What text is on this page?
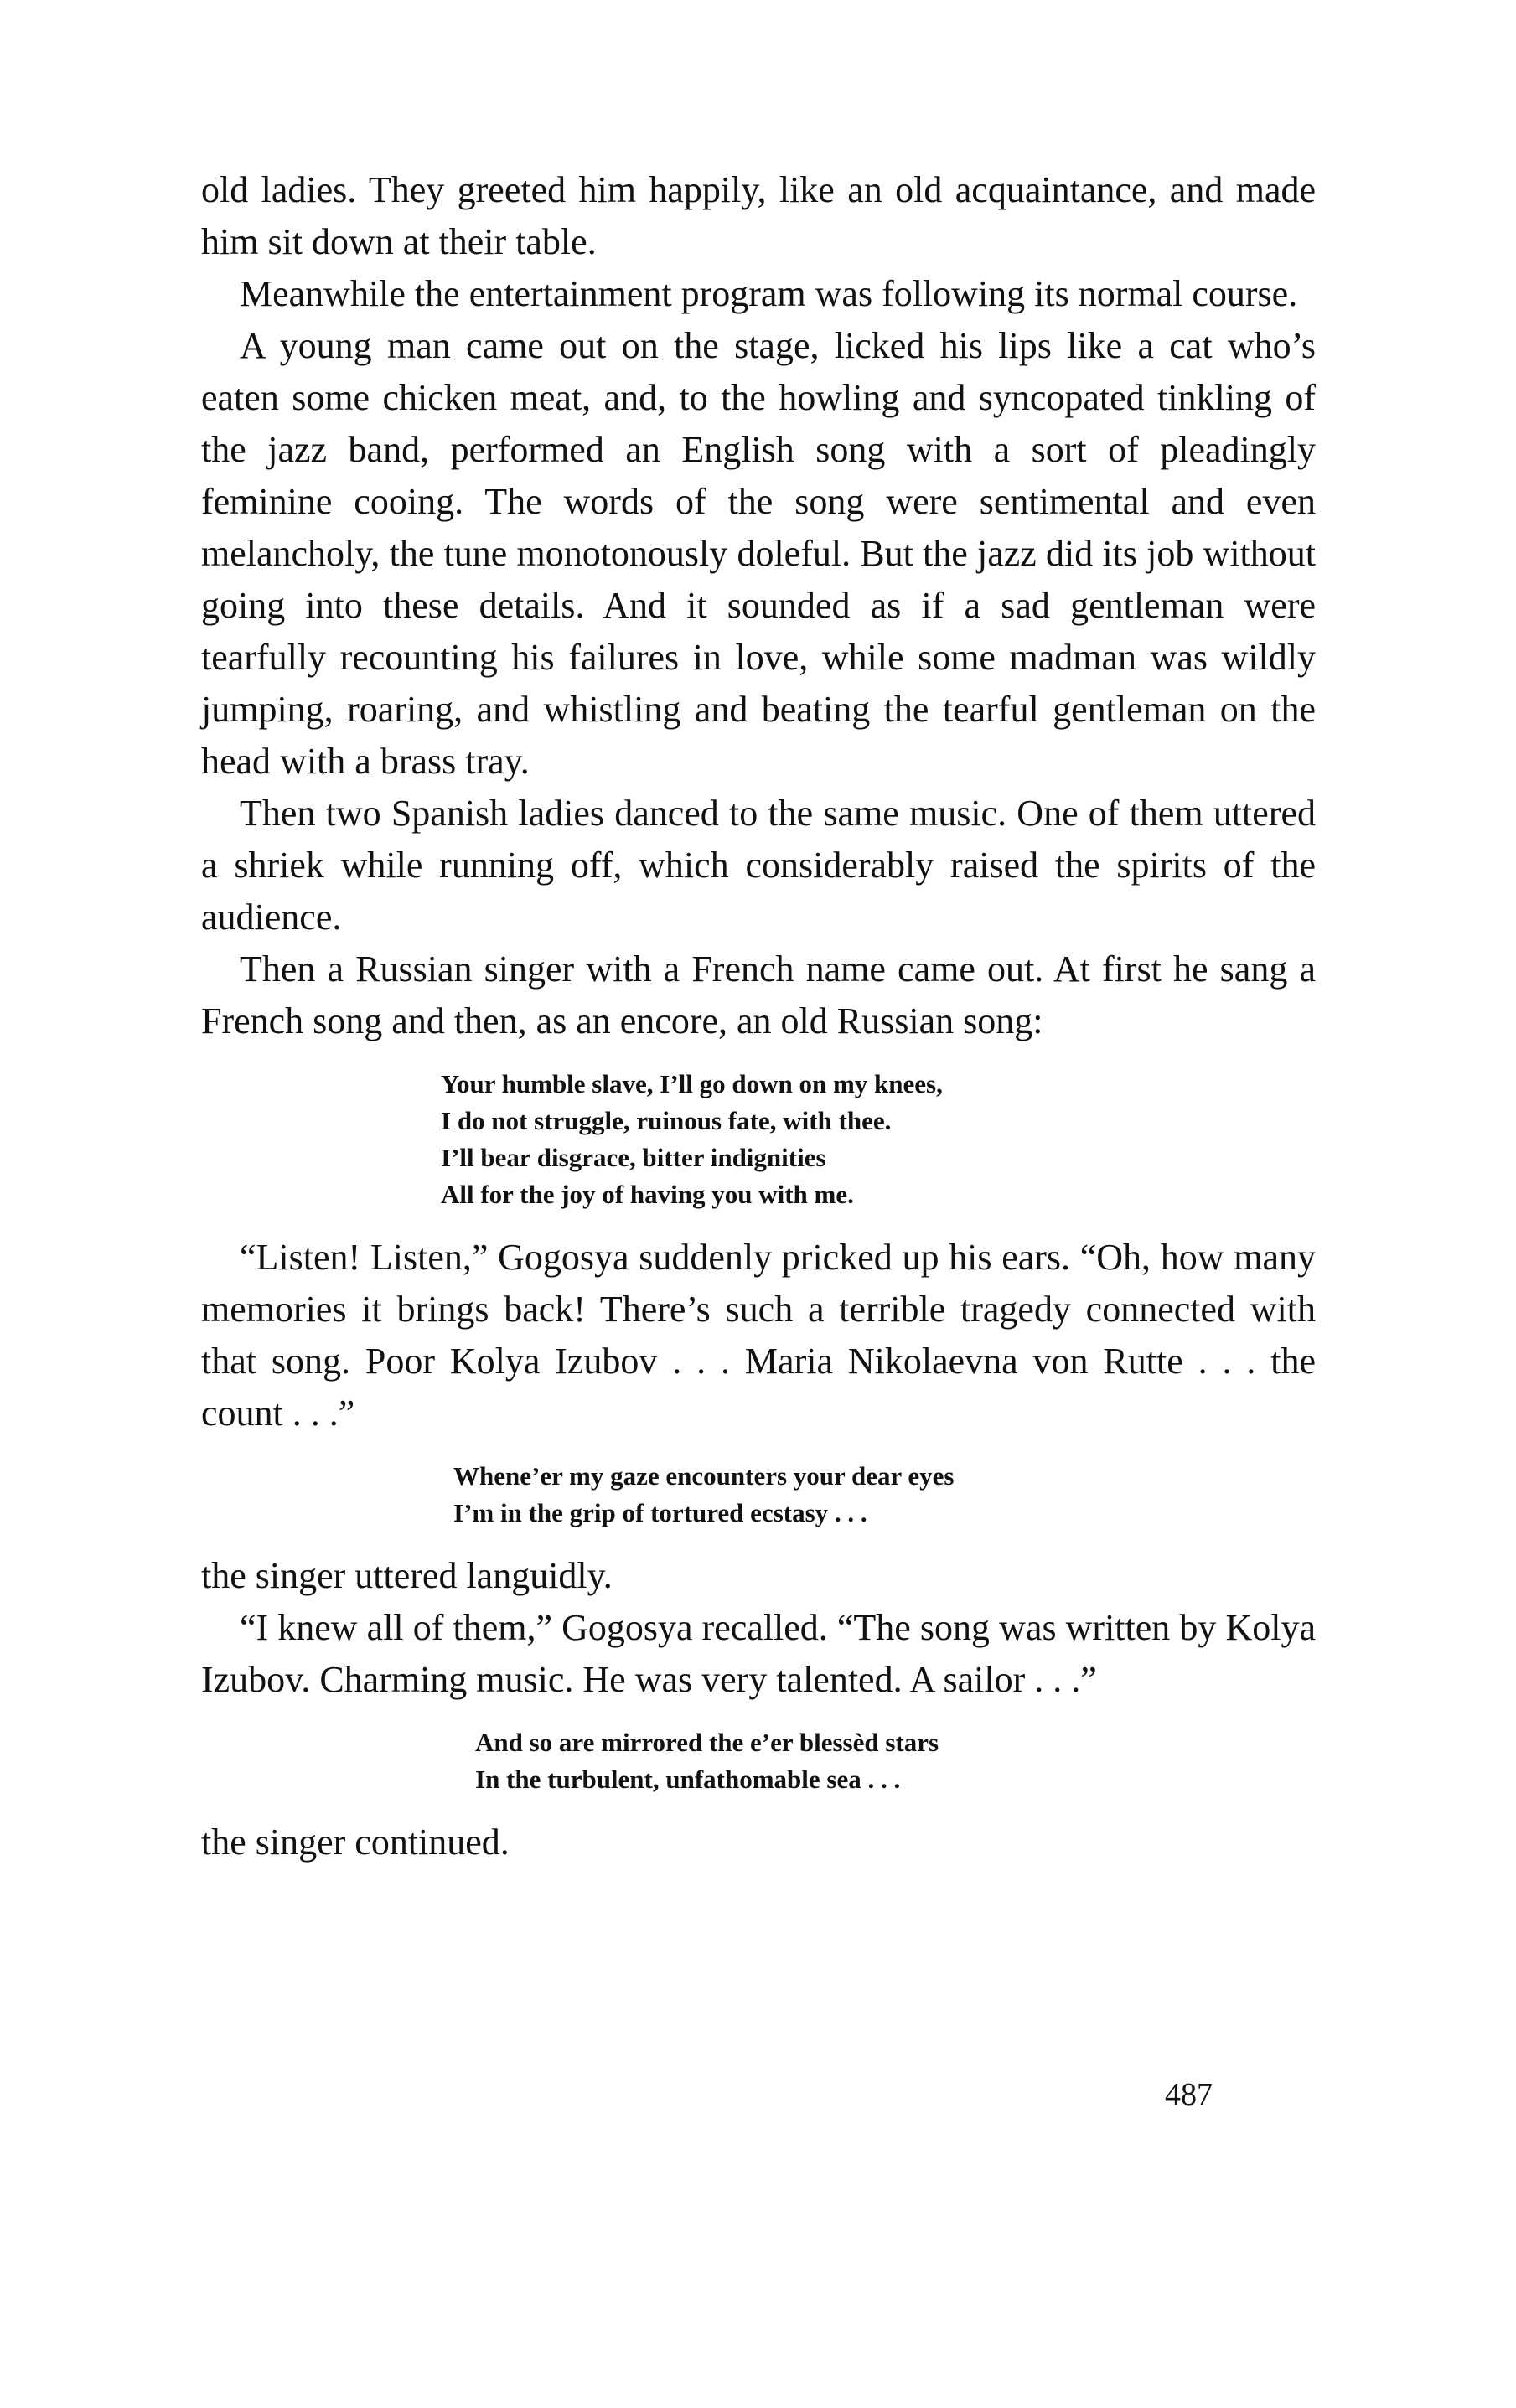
old ladies. They greeted him happily, like an old acquaintance, and made him sit down at their table.

Meanwhile the entertainment program was following its normal course.

A young man came out on the stage, licked his lips like a cat who’s eaten some chicken meat, and, to the howling and syncopated tinkling of the jazz band, performed an English song with a sort of pleadingly feminine cooing. The words of the song were sentimental and even melancholy, the tune monotonously doleful. But the jazz did its job without going into these details. And it sounded as if a sad gentleman were tearfully recounting his failures in love, while some madman was wildly jumping, roaring, and whistling and beating the tearful gentleman on the head with a brass tray.

Then two Spanish ladies danced to the same music. One of them uttered a shriek while running off, which considerably raised the spirits of the audience.

Then a Russian singer with a French name came out. At first he sang a French song and then, as an encore, an old Russian song:

Your humble slave, I’ll go down on my knees,
I do not struggle, ruinous fate, with thee.
I’ll bear disgrace, bitter indignities
All for the joy of having you with me.

“Listen! Listen,” Gogosya suddenly pricked up his ears. “Oh, how many memories it brings back! There’s such a terrible tragedy connected with that song. Poor Kolya Izubov . . . Maria Nikolaevna von Rutte . . . the count . . .”

Whene’er my gaze encounters your dear eyes
I’m in the grip of tortured ecstasy . . .

the singer uttered languidly.

“I knew all of them,” Gogosya recalled. “The song was written by Kolya Izubov. Charming music. He was very talented. A sailor . . .”

And so are mirrored the e’er blessèd stars
In the turbulent, unfathomable sea . . .

the singer continued.

487
